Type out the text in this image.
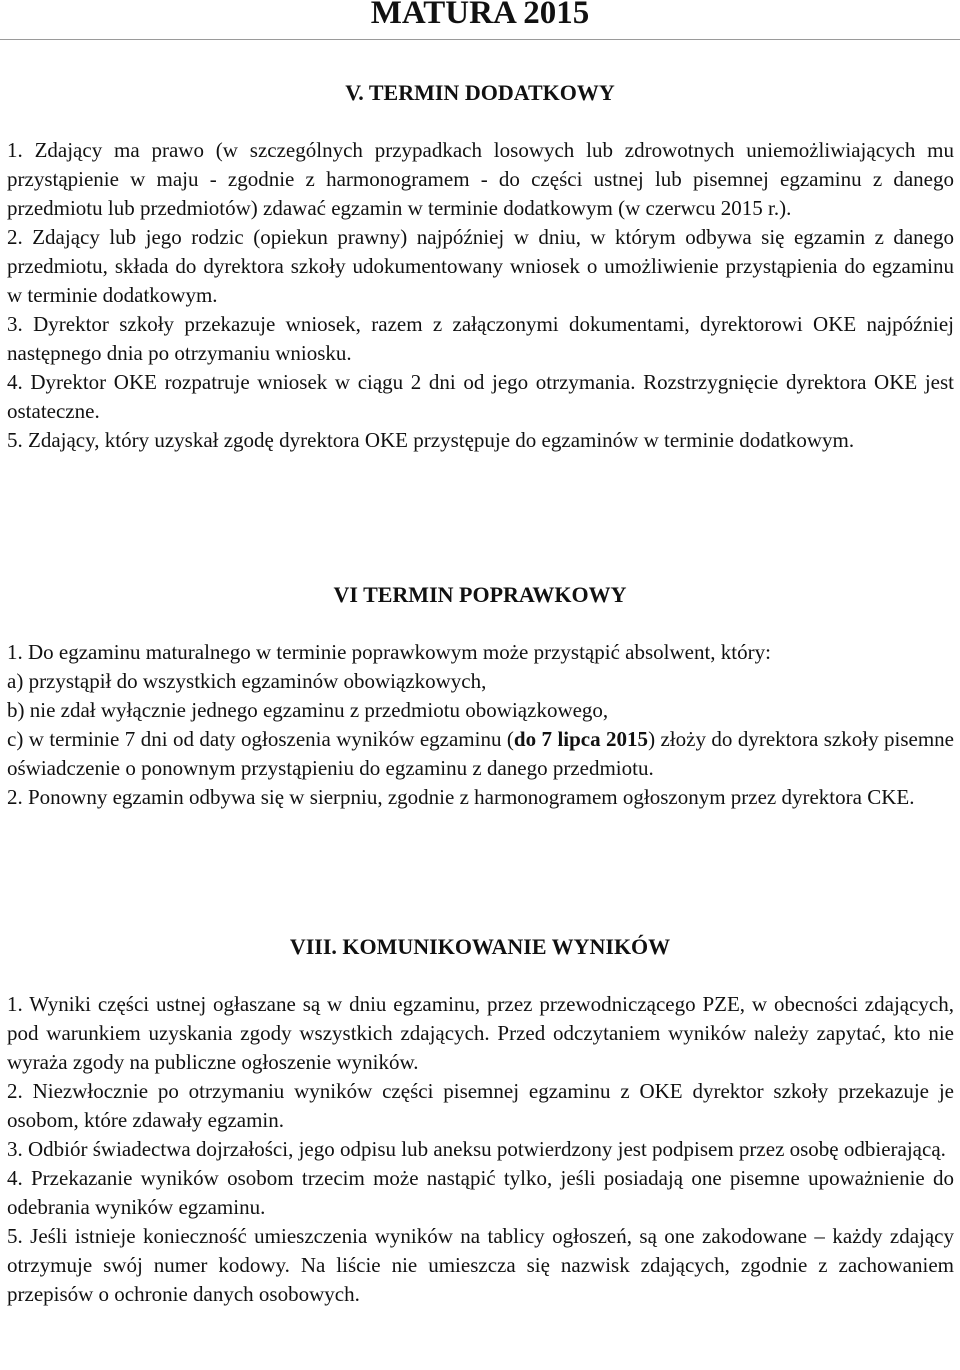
MATURA 2015
V. TERMIN DODATKOWY

1. Zdający ma prawo (w szczególnych przypadkach losowych lub zdrowotnych uniemożliwiających mu przystąpienie w maju - zgodnie z harmonogramem - do części ustnej lub pisemnej egzaminu z danego przedmiotu lub przedmiotów) zdawać egzamin w terminie dodatkowym (w czerwcu 2015 r.).

2. Zdający lub jego rodzic (opiekun prawny) najpóźniej w dniu, w którym odbywa się egzamin z danego przedmiotu, składa do dyrektora szkoły udokumentowany wniosek o umożliwienie przystąpienia do egzaminu w terminie dodatkowym.

3. Dyrektor szkoły przekazuje wniosek, razem z załączonymi dokumentami, dyrektorowi OKE najpóźniej następnego dnia po otrzymaniu wniosku.

4. Dyrektor OKE rozpatruje wniosek w ciągu 2 dni od jego otrzymania. Rozstrzygnięcie dyrektora OKE jest ostateczne.

5. Zdający, który uzyskał zgodę dyrektora OKE przystępuje do egzaminów w terminie dodatkowym.

VI TERMIN POPRAWKOWY

1. Do egzaminu maturalnego w terminie poprawkowym może przystąpić absolwent, który:

a) przystąpił do wszystkich egzaminów obowiązkowych,

b) nie zdał wyłącznie jednego egzaminu z przedmiotu obowiązkowego,

c) w terminie 7 dni od daty ogłoszenia wyników egzaminu (do 7 lipca 2015) złoży do dyrektora szkoły pisemne oświadczenie o ponownym przystąpieniu do egzaminu z danego przedmiotu.

2. Ponowny egzamin odbywa się w sierpniu, zgodnie z harmonogramem ogłoszonym przez dyrektora CKE.

VIII. KOMUNIKOWANIE WYNIKÓW

1. Wyniki części ustnej ogłaszane są w dniu egzaminu, przez przewodniczącego PZE, w obecności zdających, pod warunkiem uzyskania zgody wszystkich zdających. Przed odczytaniem wyników należy zapytać, kto nie wyraża zgody na publiczne ogłoszenie wyników.

2. Niezwłocznie po otrzymaniu wyników części pisemnej egzaminu z OKE dyrektor szkoły przekazuje je osobom, które zdawały egzamin.

3. Odbiór świadectwa dojrzałości, jego odpisu lub aneksu potwierdzony jest podpisem przez osobę odbierającą.

4. Przekazanie wyników osobom trzecim może nastąpić tylko, jeśli posiadają one pisemne upoważnienie do odebrania wyników egzaminu.

5. Jeśli istnieje konieczność umieszczenia wyników na tablicy ogłoszeń, są one zakodowane – każdy zdający otrzymuje swój numer kodowy. Na liście nie umieszcza się nazwisk zdających, zgodnie z zachowaniem przepisów o ochronie danych osobowych.
